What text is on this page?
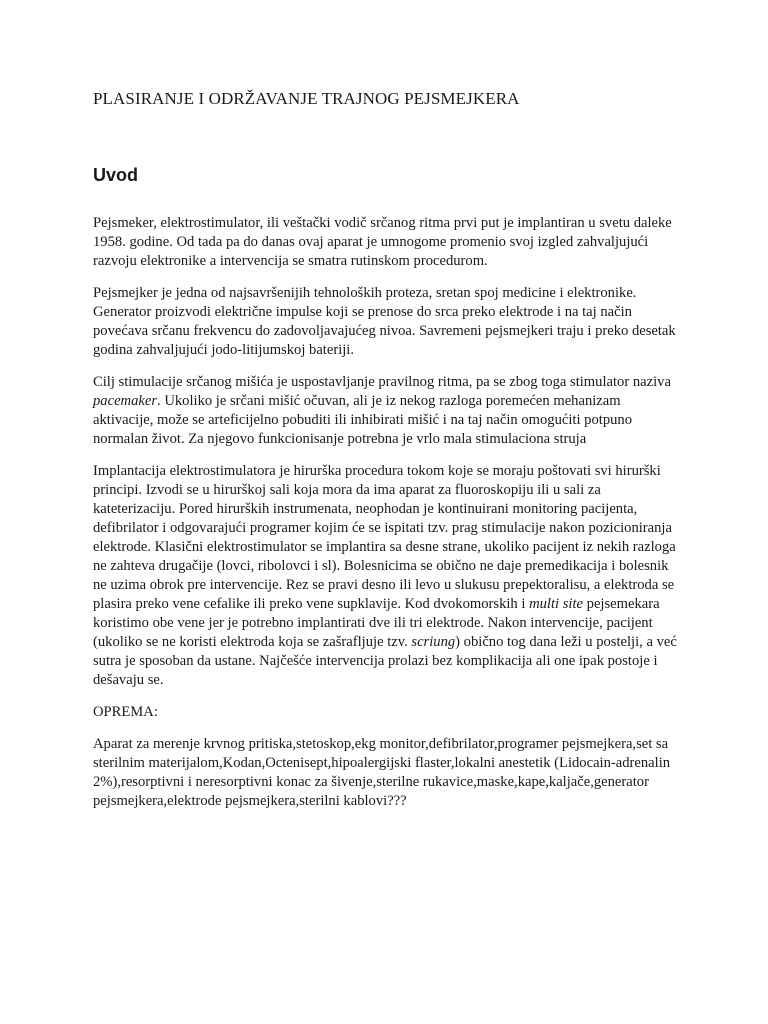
PLASIRANJE I ODRŽAVANJE TRAJNOG PEJSMEJKERA
Uvod

Pejsmeker, elektrostimulator, ili veštački vodič srčanog ritma prvi put je implantiran u svetu daleke 1958. godine. Od tada pa do danas ovaj aparat je umnogome promenio svoj izgled zahvaljujući razvoju elektronike a intervencija se smatra rutinskom procedurom.

Pejsmejker je jedna od najsavršenijih tehnoloških proteza, sretan spoj medicine i elektronike. Generator proizvodi električne impulse koji se prenose do srca preko elektrode i na taj način povećava srčanu frekvencu do zadovoljavajućeg nivoa. Savremeni pejsmejkeri traju i preko desetak godina zahvaljujući jodo-litijumskoj bateriji.

Cilj stimulacije srčanog mišića je uspostavljanje pravilnog ritma, pa se zbog toga stimulator naziva pacemaker. Ukoliko je srčani mišić očuvan, ali je iz nekog razloga poremećen mehanizam aktivacije, može se arteficijelno pobuditi ili inhibirati mišić i na taj način omogućiti potpuno normalan život. Za njegovo funkcionisanje potrebna je vrlo mala stimulaciona struja

Implantacija elektrostimulatora je hirurška procedura tokom koje se moraju poštovati svi hirurški principi. Izvodi se u hirurškoj sali koja mora da ima aparat za fluoroskopiju ili u sali za kateterizaciju. Pored hirurških instrumenata, neophodan je kontinuirani monitoring pacijenta, defibrilator i odgovarajući programer kojim će se ispitati tzv. prag stimulacije nakon pozicioniranja elektrode. Klasični elektrostimulator se implantira sa desne strane, ukoliko pacijent iz nekih razloga ne zahteva drugačije (lovci, ribolovci i sl). Bolesnicima se obično ne daje premedikacija i bolesnik ne uzima obrok pre intervencije. Rez se pravi desno ili levo u slukusu prepektoralisu, a elektroda se plasira preko vene cefalike ili preko vene supklavije. Kod dvokomorskih i multi site pejsemekara koristimo obe vene jer je potrebno implantirati dve ili tri elektrode. Nakon intervencije, pacijent (ukoliko se ne koristi elektroda koja se zašrafljuje tzv. scriung) obično tog dana leži u postelji, a već sutra je sposoban da ustane. Najčešće intervencija prolazi bez komplikacija ali one ipak postoje i dešavaju se.

OPREMA:

Aparat za merenje krvnog pritiska,stetoskop,ekg monitor,defibrilator,programer pejsmejkera,set sa sterilnim materijalom,Kodan,Octenisept,hipoalergijski flaster,lokalni anestetik (Lidocain-adrenalin 2%),resorptivni i neresorptivni konac za šivenje,sterilne rukavice,maske,kape,kaljače,generator pejsmejkera,elektrode pejsmejkera,sterilni kablovi???
